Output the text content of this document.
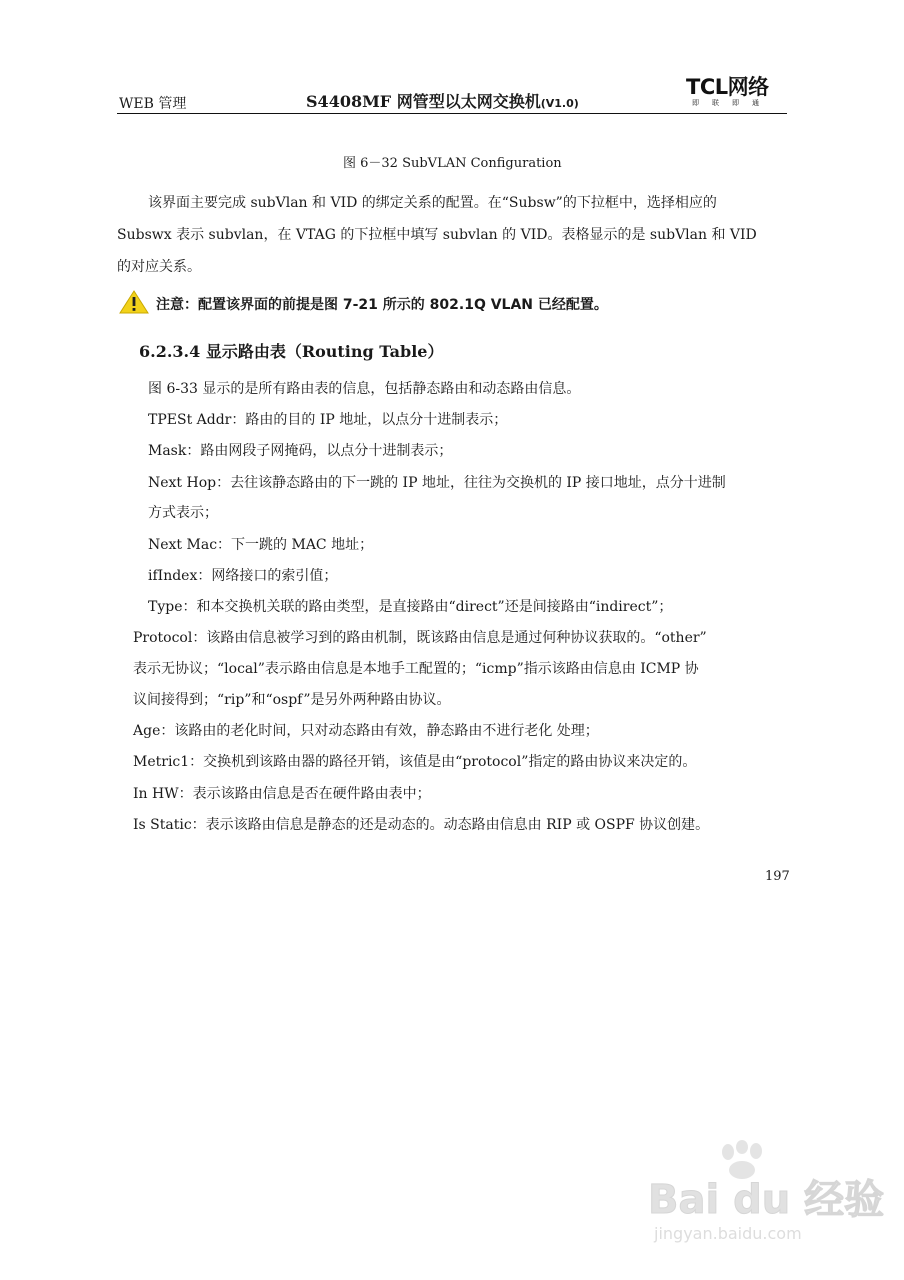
WEB 管理	S4408MF 网管型以太网交换机(V1.0)
TCL网络
即联即通
图 6－32 SubVLAN Configuration
该界面主要完成 subVlan 和 VID 的绑定关系的配置。在“Subsw”的下拉框中，选择相应的
Subswx 表示 subvlan，在 VTAG 的下拉框中填写 subvlan 的 VID。表格显示的是 subVlan 和 VID
的对应关系。
注意：配置该界面的前提是图 7-21 所示的 802.1Q VLAN 已经配置。
6.2.3.4 显示路由表（Routing Table）
图 6-33 显示的是所有路由表的信息，包括静态路由和动态路由信息。
TPESt Addr：路由的目的 IP 地址，以点分十进制表示；
Mask：路由网段子网掩码，以点分十进制表示；
Next Hop：去往该静态路由的下一跳的 IP 地址，往往为交换机的 IP 接口地址，点分十进制
方式表示；
Next Mac：下一跳的 MAC 地址；
ifIndex：网络接口的索引值；
Type：和本交换机关联的路由类型，是直接路由“direct”还是间接路由“indirect”；
Protocol：该路由信息被学习到的路由机制，既该路由信息是通过何种协议获取的。“other”
表示无协议；“local”表示路由信息是本地手工配置的；“icmp”指示该路由信息由 ICMP 协
议间接得到；“rip”和“ospf”是另外两种路由协议。
Age：该路由的老化时间，只对动态路由有效，静态路由不进行老化 处理；
Metric1：交换机到该路由器的路径开销，该值是由“protocol”指定的路由协议来决定的。
In HW：表示该路由信息是否在硬件路由表中；
Is Static：表示该路由信息是静态的还是动态的。动态路由信息由 RIP 或 OSPF 协议创建。
197
Bai du 经验
jingyan.baidu.com
